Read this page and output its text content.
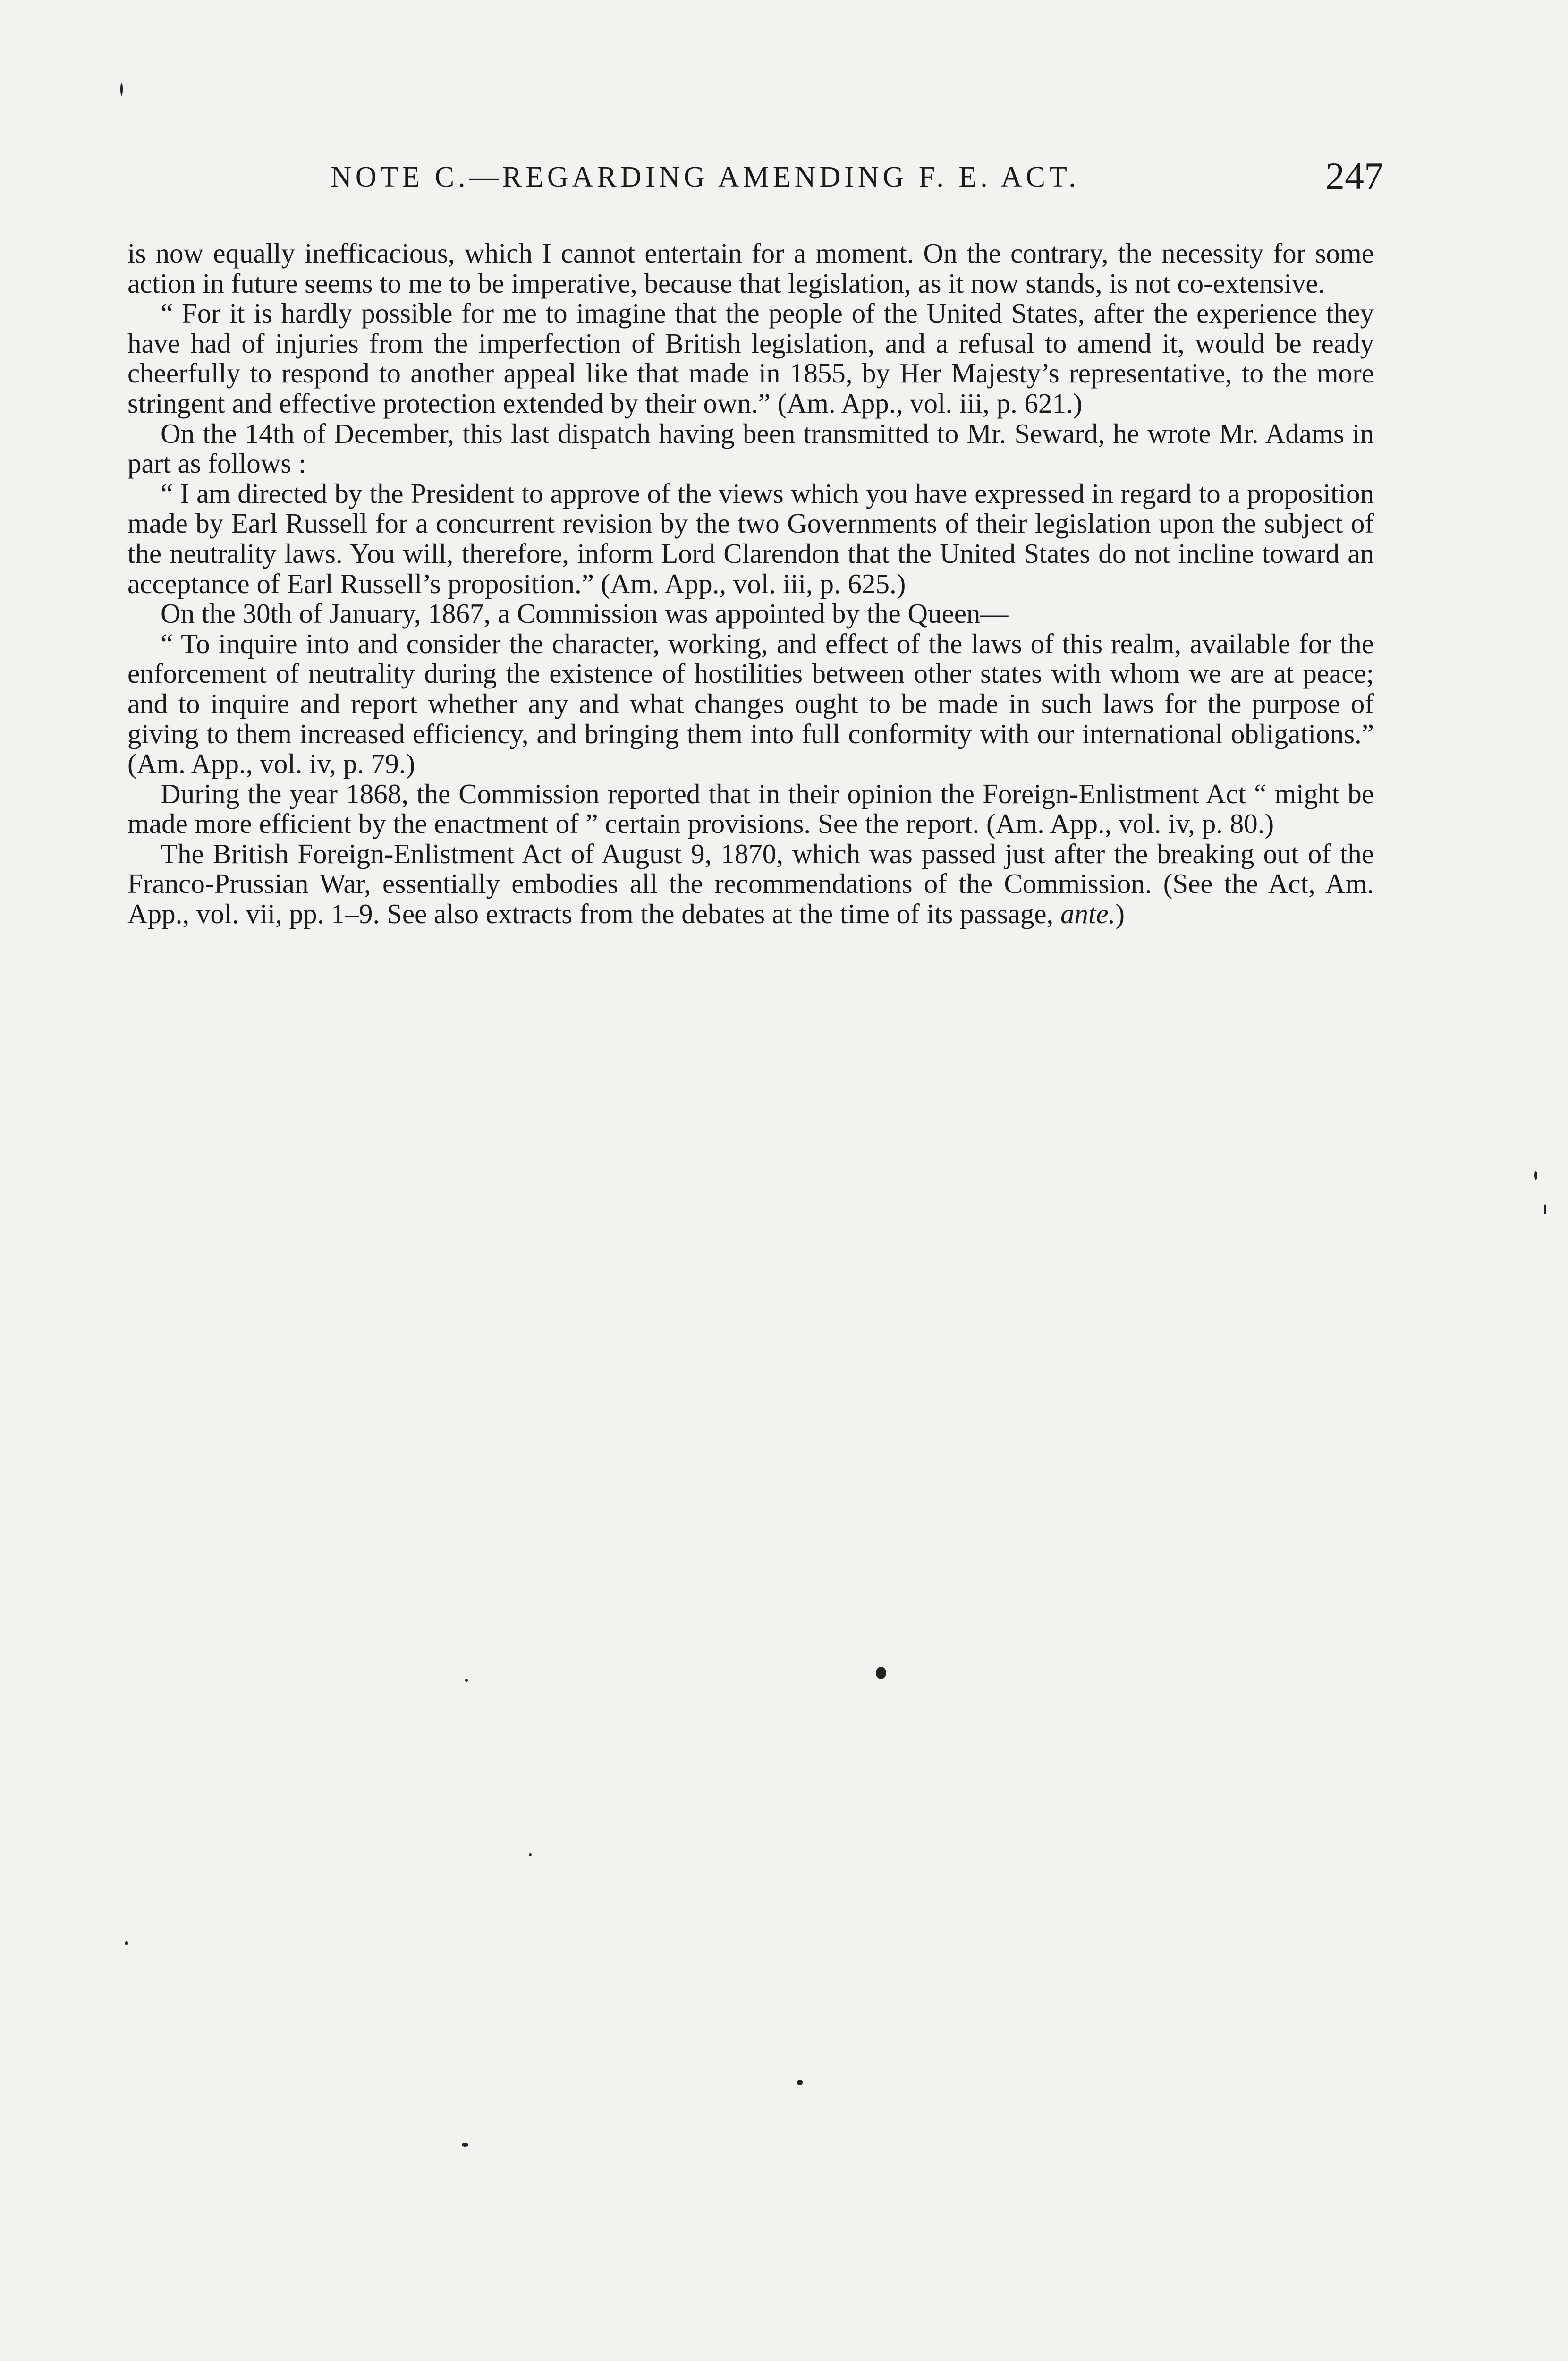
NOTE C.—REGARDING AMENDING F. E. ACT.	247

is now equally inefficacious, which I cannot entertain for a moment. On the contrary, the necessity for some action in future seems to me to be imperative, because that legislation, as it now stands, is not co-extensive.

“ For it is hardly possible for me to imagine that the people of the United States, after the experience they have had of injuries from the imperfection of British legislation, and a refusal to amend it, would be ready cheerfully to respond to another appeal like that made in 1855, by Her Majesty’s representative, to the more stringent and effective protection extended by their own.” (Am. App., vol. iii, p. 621.)

On the 14th of December, this last dispatch having been transmitted to Mr. Seward, he wrote Mr. Adams in part as follows :

“ I am directed by the President to approve of the views which you have expressed in regard to a proposition made by Earl Russell for a concurrent revision by the two Governments of their legislation upon the subject of the neutrality laws. You will, therefore, inform Lord Clarendon that the United States do not incline toward an acceptance of Earl Russell’s proposition.” (Am. App., vol. iii, p. 625.)

On the 30th of January, 1867, a Commission was appointed by the Queen—

“ To inquire into and consider the character, working, and effect of the laws of this realm, available for the enforcement of neutrality during the existence of hostilities between other states with whom we are at peace; and to inquire and report whether any and what changes ought to be made in such laws for the purpose of giving to them increased efficiency, and bringing them into full conformity with our international obligations.” (Am. App., vol. iv, p. 79.)

During the year 1868, the Commission reported that in their opinion the Foreign-Enlistment Act “ might be made more efficient by the enactment of ” certain provisions. See the report. (Am. App., vol. iv, p. 80.)

The British Foreign-Enlistment Act of August 9, 1870, which was passed just after the breaking out of the Franco-Prussian War, essentially embodies all the recommendations of the Commission. (See the Act, Am. App., vol. vii, pp. 1–9. See also extracts from the debates at the time of its passage, ante.)
